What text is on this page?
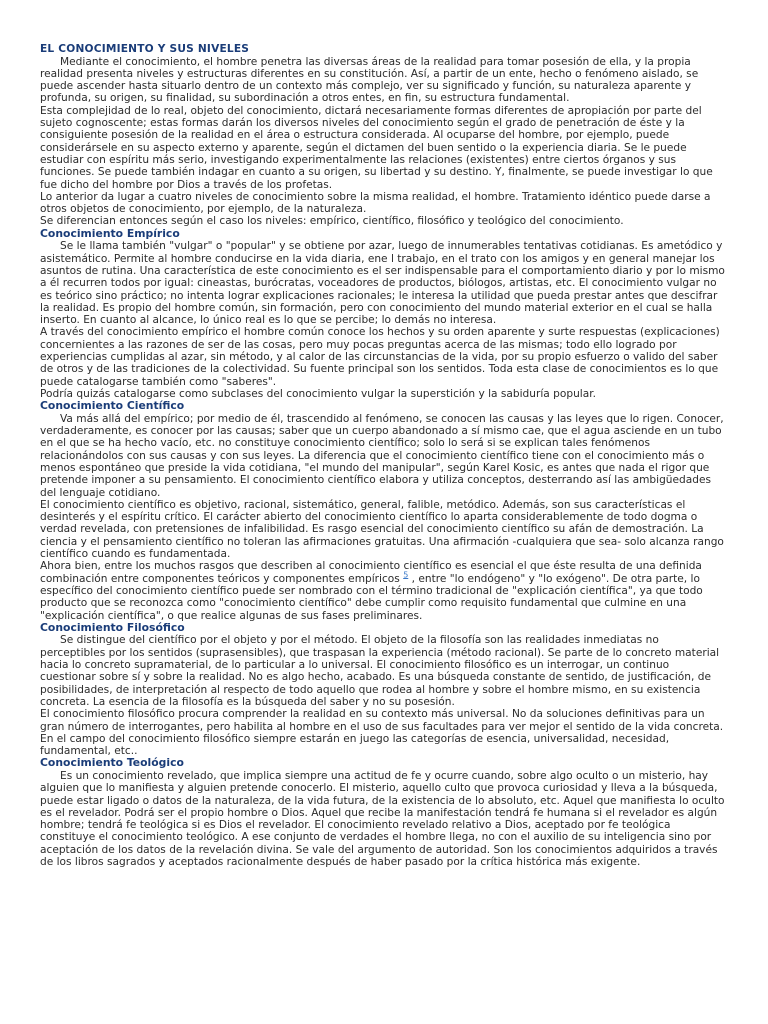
EL CONOCIMIENTO Y SUS NIVELES

Mediante el conocimiento, el hombre penetra las diversas áreas de la realidad para tomar posesión de ella, y la propia realidad presenta niveles y estructuras diferentes en su constitución. Así, a partir de un ente, hecho o fenómeno aislado, se puede ascender hasta situarlo dentro de un contexto más complejo, ver su significado y función, su naturaleza aparente y profunda, su origen, su finalidad, su subordinación a otros entes, en fin, su estructura fundamental.

Esta complejidad de lo real, objeto del conocimiento, dictará necesariamente formas diferentes de apropiación por parte del sujeto cognoscente; estas formas darán los diversos niveles del conocimiento según el grado de penetración de éste y la consiguiente posesión de la realidad en el área o estructura considerada. Al ocuparse del hombre, por ejemplo, puede considerársele en su aspecto externo y aparente, según el dictamen del buen sentido o la experiencia diaria. Se le puede estudiar con espíritu más serio, investigando experimentalmente las relaciones (existentes) entre ciertos órganos y sus funciones. Se puede también indagar en cuanto a su origen, su libertad y su destino. Y, finalmente, se puede investigar lo que fue dicho del hombre por Dios a través de los profetas.

Lo anterior da lugar a cuatro niveles de conocimiento sobre la misma realidad, el hombre. Tratamiento idéntico puede darse a otros objetos de conocimiento, por ejemplo, de la naturaleza.

Se diferencian entonces según el caso los niveles: empírico, científico, filosófico y teológico del conocimiento.

Conocimiento Empírico

Se le llama también "vulgar" o "popular" y se obtiene por azar, luego de innumerables tentativas cotidianas. Es ametódico y asistemático. Permite al hombre conducirse en la vida diaria, ene l trabajo, en el trato con los amigos y en general manejar los asuntos de rutina. Una característica de este conocimiento es el ser indispensable para el comportamiento diario y por lo mismo a él recurren todos por igual: cineastas, burócratas, voceadores de productos, biólogos, artistas, etc. El conocimiento vulgar no es teórico sino práctico; no intenta lograr explicaciones racionales; le interesa la utilidad que pueda prestar antes que descifrar la realidad. Es propio del hombre común, sin formación, pero con conocimiento del mundo material exterior en el cual se halla inserto. En cuanto al alcance, lo único real es lo que se percibe; lo demás no interesa.

A través del conocimiento empírico el hombre común conoce los hechos y su orden aparente y surte respuestas (explicaciones) concernientes a las razones de ser de las cosas, pero muy pocas preguntas acerca de las mismas; todo ello logrado por experiencias cumplidas al azar, sin método, y al calor de las circunstancias de la vida, por su propio esfuerzo o valido del saber de otros y de las tradiciones de la colectividad. Su fuente principal son los sentidos. Toda esta clase de conocimientos es lo que puede catalogarse también como "saberes".

Podría quizás catalogarse como subclases del conocimiento vulgar la superstición y la sabiduría popular.

Conocimiento Científico

Va más allá del empírico; por medio de él, trascendido al fenómeno, se conocen las causas y las leyes que lo rigen. Conocer, verdaderamente, es conocer por las causas; saber que un cuerpo abandonado a sí mismo cae, que el agua asciende en un tubo en el que se ha hecho vacío, etc. no constituye conocimiento científico; solo lo será si se explican tales fenómenos relacionándolos con sus causas y con sus leyes. La diferencia que el conocimiento científico tiene con el conocimiento más o menos espontáneo que preside la vida cotidiana, "el mundo del manipular", según Karel Kosic, es antes que nada el rigor que pretende imponer a su pensamiento. El conocimiento científico elabora y utiliza conceptos, desterrando así las ambigüedades del lenguaje cotidiano.

El conocimiento científico es objetivo, racional, sistemático, general, falible, metódico. Además, son sus características el desinterés y el espíritu crítico. El carácter abierto del conocimiento científico lo aparta considerablemente de todo dogma o verdad revelada, con pretensiones de infalibilidad. Es rasgo esencial del conocimiento científico su afán de demostración. La ciencia y el pensamiento científico no toleran las afirmaciones gratuitas. Una afirmación -cualquiera que sea- solo alcanza rango científico cuando es fundamentada.

Ahora bien, entre los muchos rasgos que describen al conocimiento científico es esencial el que éste resulta de una definida combinación entre componentes teóricos y componentes empíricos $^5$ , entre "lo endógeno" y "lo exógeno". De otra parte, lo específico del conocimiento científico puede ser nombrado con el término tradicional de "explicación científica", ya que todo producto que se reconozca como "conocimiento científico" debe cumplir como requisito fundamental que culmine en una "explicación científica", o que realice algunas de sus fases preliminares.

Conocimiento Filosófico

Se distingue del científico por el objeto y por el método. El objeto de la filosofía son las realidades inmediatas no perceptibles por los sentidos (suprasensibles), que traspasan la experiencia (método racional). Se parte de lo concreto material hacia lo concreto supramaterial, de lo particular a lo universal. El conocimiento filosófico es un interrogar, un continuo cuestionar sobre sí y sobre la realidad. No es algo hecho, acabado. Es una búsqueda constante de sentido, de justificación, de posibilidades, de interpretación al respecto de todo aquello que rodea al hombre y sobre el hombre mismo, en su existencia concreta. La esencia de la filosofía es la búsqueda del saber y no su posesión.

El conocimiento filosófico procura comprender la realidad en su contexto más universal. No da soluciones definitivas para un gran número de interrogantes, pero habilita al hombre en el uso de sus facultades para ver mejor el sentido de la vida concreta. En el campo del conocimiento filosófico siempre estarán en juego las categorías de esencia, universalidad, necesidad, fundamental, etc..

Conocimiento Teológico

Es un conocimiento revelado, que implica siempre una actitud de fe y ocurre cuando, sobre algo oculto o un misterio, hay alguien que lo manifiesta y alguien pretende conocerlo. El misterio, aquello culto que provoca curiosidad y lleva a la búsqueda, puede estar ligado o datos de la naturaleza, de la vida futura, de la existencia de lo absoluto, etc. Aquel que manifiesta lo oculto es el revelador. Podrá ser el propio hombre o Dios. Aquel que recibe la manifestación tendrá fe humana si el revelador es algún hombre; tendrá fe teológica si es Dios el revelador. El conocimiento revelado relativo a Dios, aceptado por fe teológica constituye el conocimiento teológico. A ese conjunto de verdades el hombre llega, no con el auxilio de su inteligencia sino por aceptación de los datos de la revelación divina. Se vale del argumento de autoridad. Son los conocimientos adquiridos a través de los libros sagrados y aceptados racionalmente después de haber pasado por la crítica histórica más exigente.
